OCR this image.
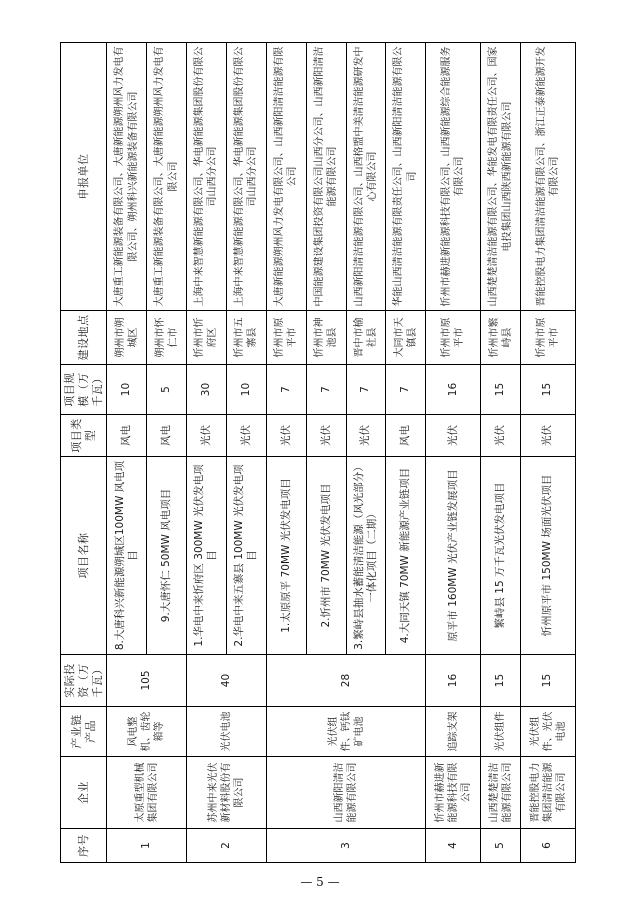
序号	企业	产业链产品	实际投资（万千瓦）	项目名称	项目类型	项目规模（万千瓦）	建设地点	申报单位
1	太原重型机械集团有限公司	风电整机、齿轮箱等	105	8.大唐科兴新能源朔城区100MW 风电项目	风电	10	朔州市朔城区	大唐重工新能源装备有限公司、大唐新能源朔州风力发电有限公司、朔州科兴新能源装备有限公司
				9.大唐怀仁 50MW 风电项目	风电	5	朔州市怀仁市	大唐重工新能源装备有限公司、大唐新能源朔州风力发电有限公司
2	苏州中来光伏新材料股份有限公司	光伏电池	40	1.华电中来忻府区 300MW 光伏发电项目	光伏	30	忻州市忻府区	上海中来智慧新能源有限公司、华电新能源集团股份有限公司山西分公司
				2.华电中来五寨县 100MW 光伏发电项目	光伏	10	忻州市五寨县	上海中来智慧新能源有限公司、华电新能源集团股份有限公司山西分公司
3	山西新阳清洁能源有限公司	光伏组件、钙钛矿电池	28	1.太原原平 70MW 光伏发电项目	光伏	7	忻州市原平市	大唐新能源朔州风力发电有限公司、山西新阳清洁能源有限公司
				2.忻州市 70MW 光伏发电项目	光伏	7	忻州市神池县	中国能源建设集团投资有限公司山西分公司、山西新阳清洁能源有限公司
				3.繁峙县抽水蓄能清洁能源（风光部分）一体化项目（二期）	光伏	7	晋中市榆社县	山西新阳清洁能源有限公司、山西格盟中美清洁能源研发中心有限公司
				4.大同天镇 70MW 新能源产业链项目	风电	7	大同市天镇县	华能山西清洁能源有限责任公司、山西新阳清洁能源有限公司
4	忻州市赫进新能源科技有限公司	追踪支架	16	原平市 160MW 光伏产业链发展项目	光伏	16	忻州市原平市	忻州市赫进新能源科技有限公司、山西新能源综合能源服务有限公司
5	山西楚楚清洁能源有限公司	光伏组件	15	繁峙县 15 万千瓦光伏发电项目	光伏	15	忻州市繁峙县	山西楚楚清洁能源有限公司、华能发电有限责任公司、国家电投集团山西陕西新能源有限公司
6	晋能控股电力集团清洁能源有限公司	光伏组件、光伏电池	15	忻州原平市 150MW 场面光伏项目	光伏	15	忻州市原平市	晋能控股电力集团清洁能源有限公司、浙江正泰新能源开发有限公司
— 5 —
